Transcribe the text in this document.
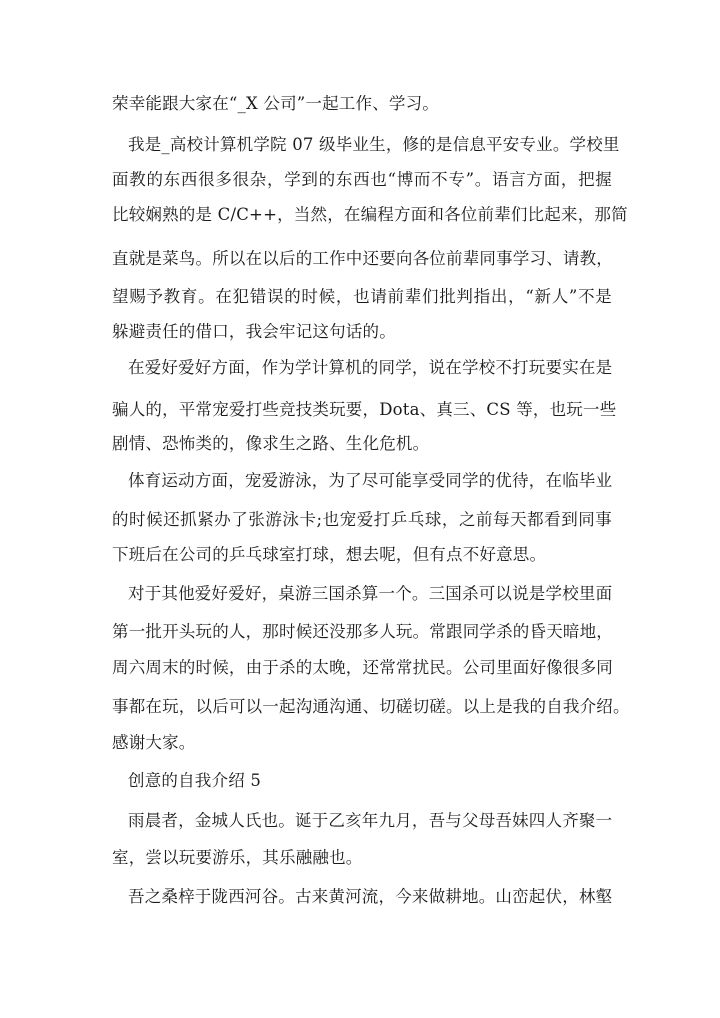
荣幸能跟大家在“_X 公司”一起工作、学习。
我是_高校计算机学院 07 级毕业生，修的是信息平安专业。学校里
面教的东西很多很杂，学到的东西也“博而不专”。语言方面，把握
比较娴熟的是 C/C++，当然，在编程方面和各位前辈们比起来，那简
直就是菜鸟。所以在以后的工作中还要向各位前辈同事学习、请教，
望赐予教育。在犯错误的时候，也请前辈们批判指出，“新人”不是
躲避责任的借口，我会牢记这句话的。
在爱好爱好方面，作为学计算机的同学，说在学校不打玩要实在是
骗人的，平常宠爱打些竞技类玩要，Dota、真三、CS 等，也玩一些
剧情、恐怖类的，像求生之路、生化危机。
体育运动方面，宠爱游泳，为了尽可能享受同学的优待，在临毕业
的时候还抓紧办了张游泳卡;也宠爱打乒乓球，之前每天都看到同事
下班后在公司的乒乓球室打球，想去呢，但有点不好意思。
对于其他爱好爱好，桌游三国杀算一个。三国杀可以说是学校里面
第一批开头玩的人，那时候还没那多人玩。常跟同学杀的昏天暗地，
周六周末的时候，由于杀的太晚，还常常扰民。公司里面好像很多同
事都在玩，以后可以一起沟通沟通、切磋切磋。以上是我的自我介绍。
感谢大家。
创意的自我介绍 5
雨晨者，金城人氏也。诞于乙亥年九月，吾与父母吾妹四人齐聚一
室，尝以玩要游乐，其乐融融也。
吾之桑梓于陇西河谷。古来黄河流，今来做耕地。山峦起伏，林壑
